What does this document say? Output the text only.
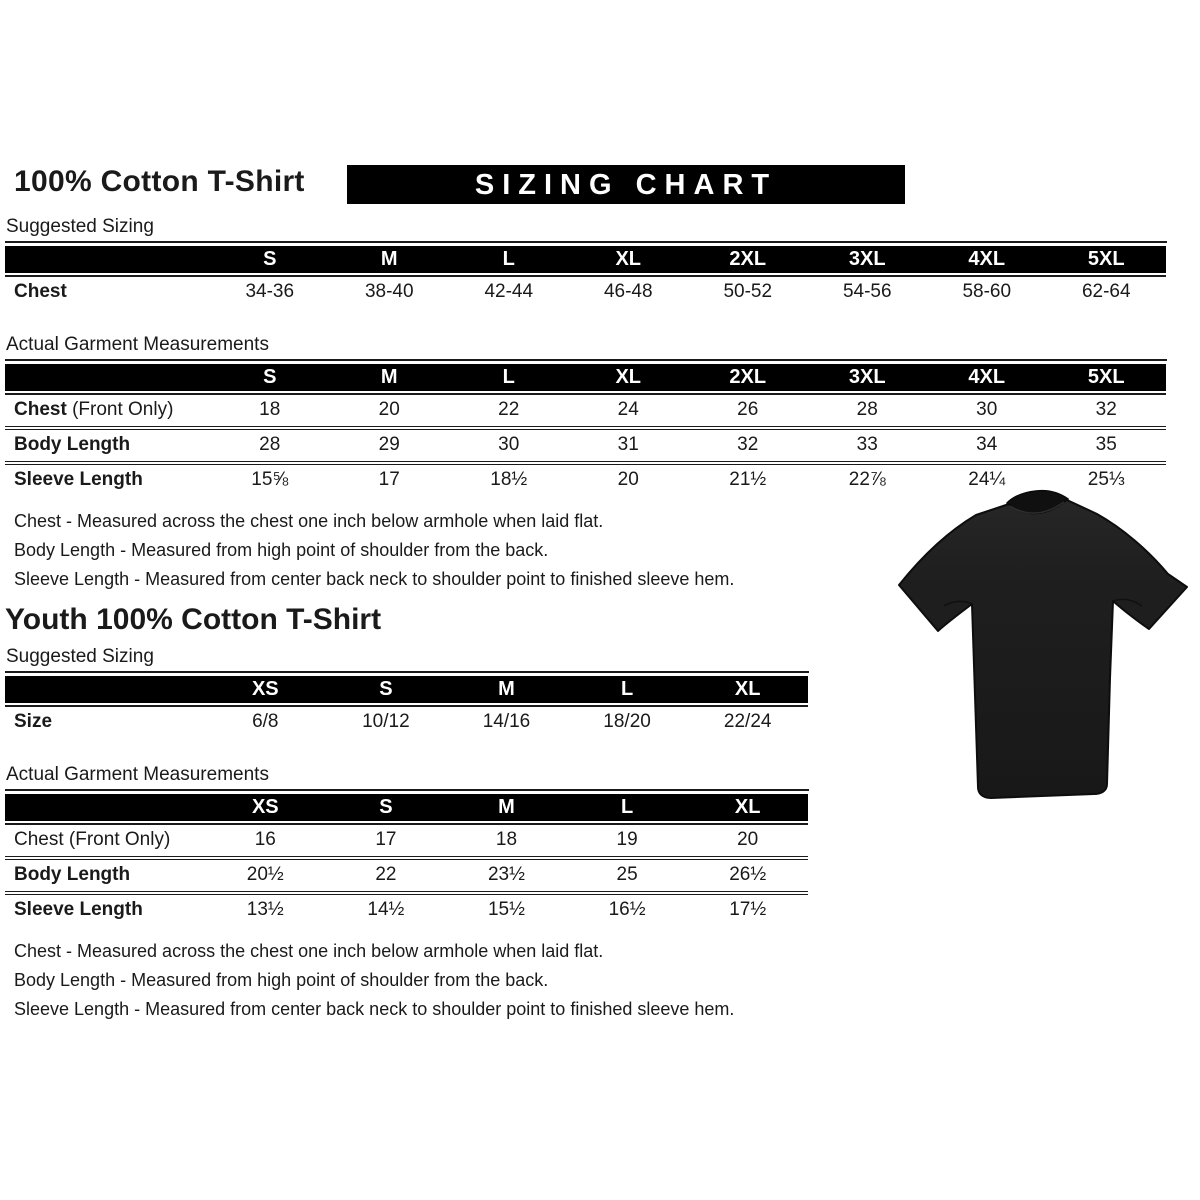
100% Cotton T-Shirt	SIZING CHART
Suggested Sizing

	S	M	L	XL	2XL	3XL	4XL	5XL

Chest	34-36	38-40	42-44	46-48	50-52	54-56	58-60	62-64
Actual Garment Measurements

	S	M	L	XL	2XL	3XL	4XL	5XL

Chest (Front Only)	18	20	22	24	26	28	30	32
Body Length	28	29	30	31	32	33	34	35
Sleeve Length	15⅝	17	18½	20	21½	22⅞	24¼	25⅓
Chest - Measured across the chest one inch below armhole when laid flat.
Body Length - Measured from high point of shoulder from the back.
Sleeve Length - Measured from center back neck to shoulder point to finished sleeve hem.
Youth 100% Cotton T-Shirt
Suggested Sizing

	XS	S	M	L	XL

Size	6/8	10/12	14/16	18/20	22/24
Actual Garment Measurements

	XS	S	M	L	XL

Chest (Front Only)	16	17	18	19	20
Body Length	20½	22	23½	25	26½
Sleeve Length	13½	14½	15½	16½	17½
Chest - Measured across the chest one inch below armhole when laid flat.
Body Length - Measured from high point of shoulder from the back.
Sleeve Length - Measured from center back neck to shoulder point to finished sleeve hem.
